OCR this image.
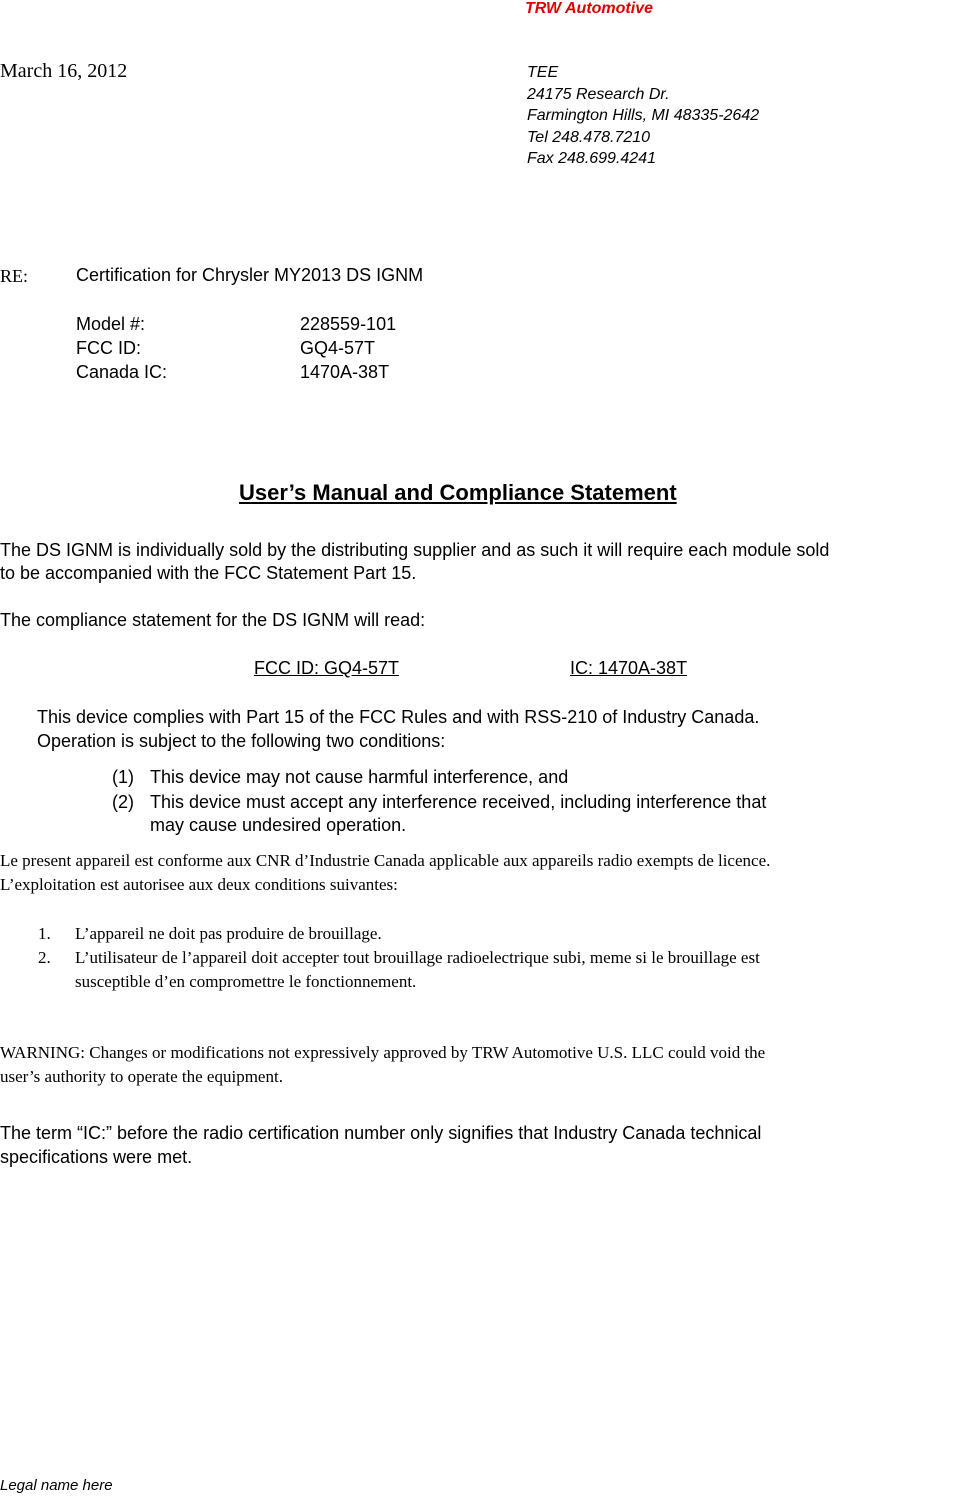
TRW Automotive
March 16, 2012	TEE
24175 Research Dr.
Farmington Hills, MI 48335-2642
Tel 248.478.7210
Fax 248.699.4241
RE:	Certification for Chrysler MY2013 DS IGNM
Model #:	228559-101
FCC ID:	GQ4-57T
Canada IC:	1470A-38T
User’s Manual and Compliance Statement
The DS IGNM is individually sold by the distributing supplier and as such it will require each module sold
to be accompanied with the FCC Statement Part 15.
The compliance statement for the DS IGNM will read:
FCC ID: GQ4-57T	IC: 1470A-38T
This device complies with Part 15 of the FCC Rules and with RSS-210 of Industry Canada.
Operation is subject to the following two conditions:
(1) This device may not cause harmful interference, and
(2) This device must accept any interference received, including interference that
may cause undesired operation.
Le present appareil est conforme aux CNR d’Industrie Canada applicable aux appareils radio exempts de licence.
L’exploitation est autorisee aux deux conditions suivantes:
1. L’appareil ne doit pas produire de brouillage.
2. L’utilisateur de l’appareil doit accepter tout brouillage radioelectrique subi, meme si le brouillage est
susceptible d’en compromettre le fonctionnement.
WARNING: Changes or modifications not expressively approved by TRW Automotive U.S. LLC could void the
user’s authority to operate the equipment.
The term “IC:” before the radio certification number only signifies that Industry Canada technical
specifications were met.
Legal name here
